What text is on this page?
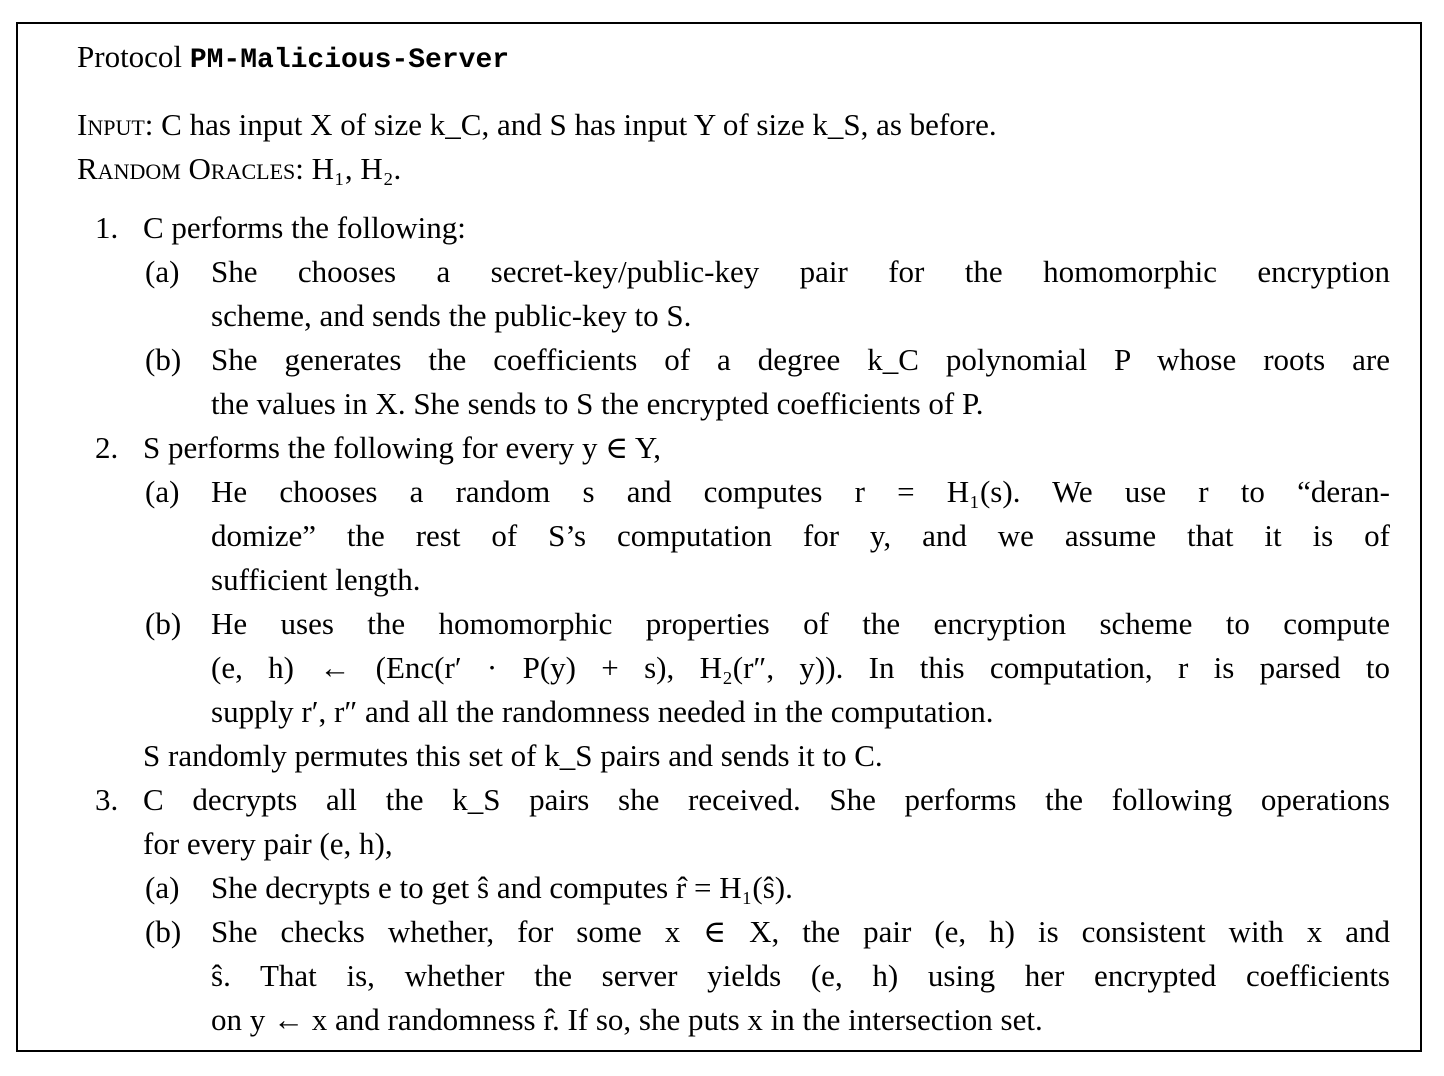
Protocol PM-Malicious-Server
Input: C has input X of size k_C, and S has input Y of size k_S, as before.
Random Oracles: H₁, H₂.
1. C performs the following:
(a) She chooses a secret-key/public-key pair for the homomorphic encryption
scheme, and sends the public-key to S.
(b) She generates the coefficients of a degree k_C polynomial P whose roots are
the values in X. She sends to S the encrypted coefficients of P.
2. S performs the following for every y ∈ Y,
(a) He chooses a random s and computes r = H₁(s). We use r to “deran-
domize” the rest of S’s computation for y, and we assume that it is of
sufficient length.
(b) He uses the homomorphic properties of the encryption scheme to compute
(e, h) ← (Enc(r′ · P(y) + s), H₂(r″, y)). In this computation, r is parsed to
supply r′, r″ and all the randomness needed in the computation.
S randomly permutes this set of k_S pairs and sends it to C.
3. C decrypts all the k_S pairs she received. She performs the following operations
for every pair (e, h),
(a) She decrypts e to get ŝ and computes r̂ = H₁(ŝ).
(b) She checks whether, for some x ∈ X, the pair (e, h) is consistent with x and
ŝ. That is, whether the server yields (e, h) using her encrypted coefficients
on y ← x and randomness r̂. If so, she puts x in the intersection set.
